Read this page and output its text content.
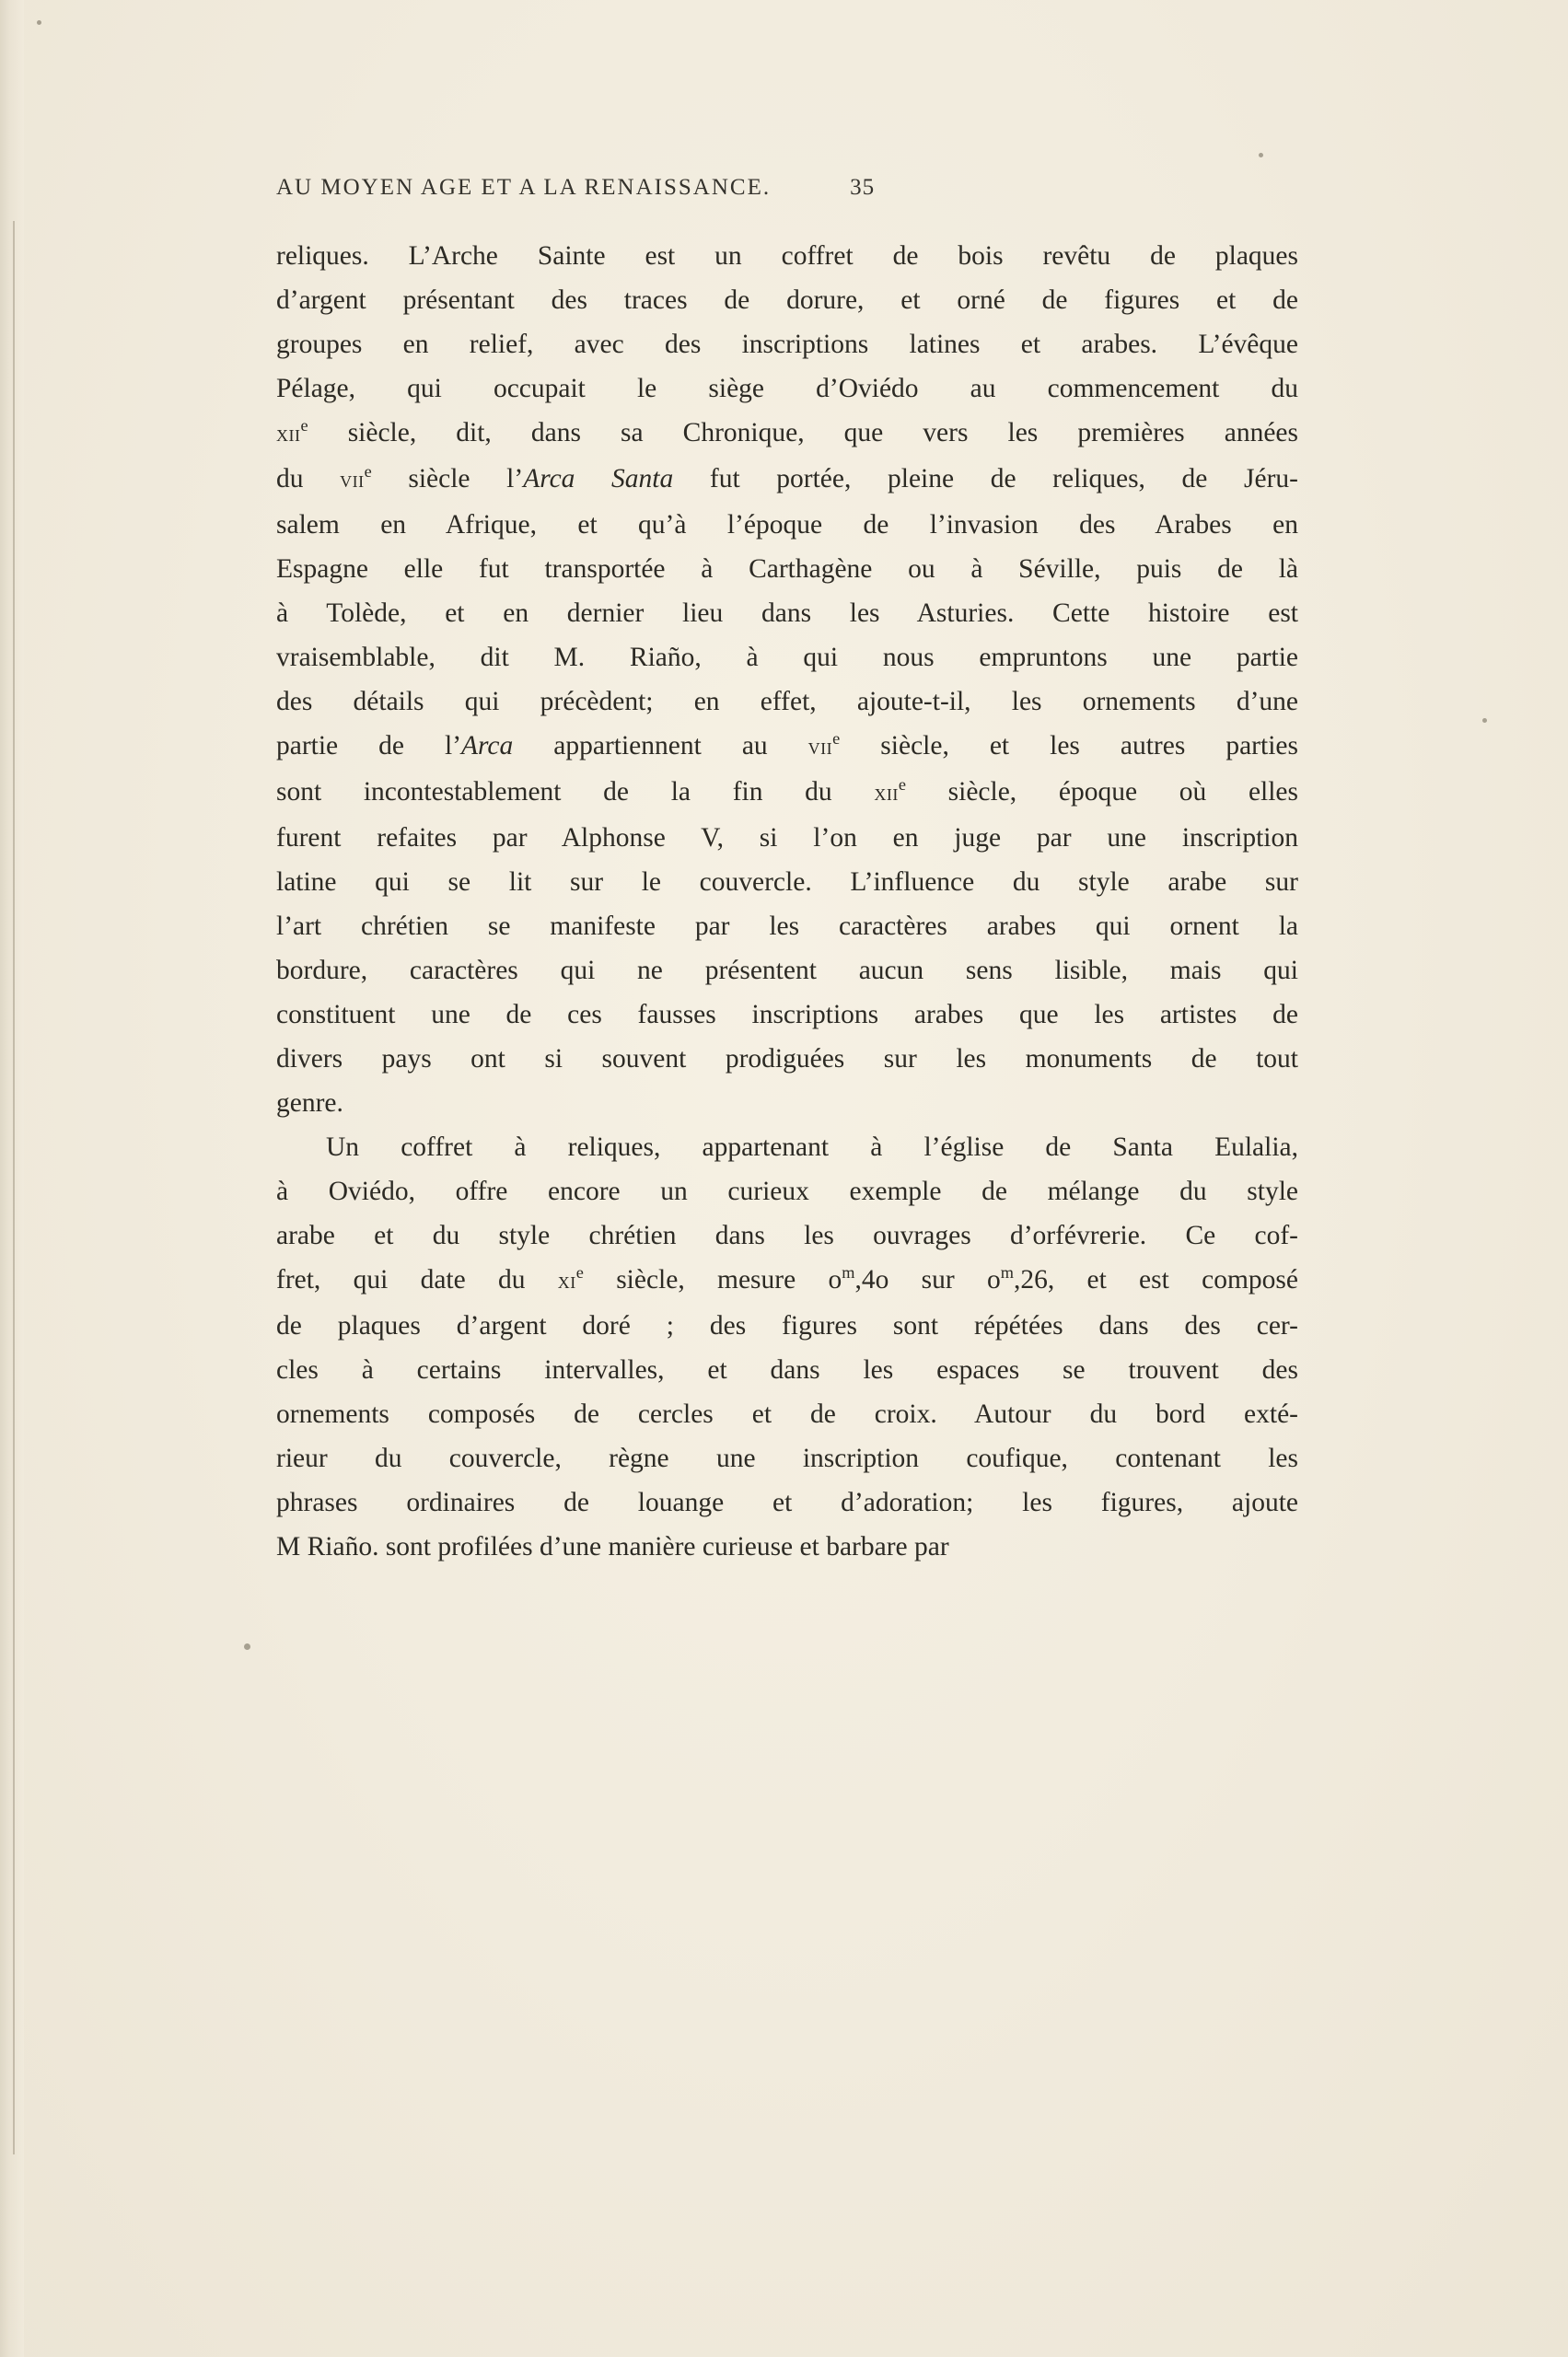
AU MOYEN AGE ET A LA RENAISSANCE.	35

reliques. L’Arche Sainte est un coffret de bois revêtu de plaques
d’argent présentant des traces de dorure, et orné de figures et de
groupes en relief, avec des inscriptions latines et arabes. L’évêque
Pélage, qui occupait le siège d’Oviédo au commencement du
xii$^e$ siècle, dit, dans sa Chronique, que vers les premières années
du vii$^e$ siècle l’Arca Santa fut portée, pleine de reliques, de Jéru-
salem en Afrique, et qu’à l’époque de l’invasion des Arabes en
Espagne elle fut transportée à Carthagène ou à Séville, puis de là
à Tolède, et en dernier lieu dans les Asturies. Cette histoire est
vraisemblable, dit M. Riaño, à qui nous empruntons une partie
des détails qui précèdent; en effet, ajoute-t-il, les ornements d’une
partie de l’Arca appartiennent au vii$^e$ siècle, et les autres parties
sont incontestablement de la fin du xii$^e$ siècle, époque où elles
furent refaites par Alphonse V, si l’on en juge par une inscription
latine qui se lit sur le couvercle. L’influence du style arabe sur
l’art chrétien se manifeste par les caractères arabes qui ornent la
bordure, caractères qui ne présentent aucun sens lisible, mais qui
constituent une de ces fausses inscriptions arabes que les artistes de
divers pays ont si souvent prodiguées sur les monuments de tout
genre.

Un coffret à reliques, appartenant à l’église de Santa Eulalia,
à Oviédo, offre encore un curieux exemple de mélange du style
arabe et du style chrétien dans les ouvrages d’orfévrerie. Ce cof-
fret, qui date du $xi^e$ siècle, mesure $o^m,4o$ sur $o^m,26$, et est composé
de plaques d’argent doré ; des figures sont répétées dans des cer-
cles à certains intervalles, et dans les espaces se trouvent des
ornements composés de cercles et de croix. Autour du bord exté-
rieur du couvercle, règne une inscription coufique, contenant les
phrases ordinaires de louange et d’adoration; les figures, ajoute
M Riaño. sont profilées d’une manière curieuse et barbare par
